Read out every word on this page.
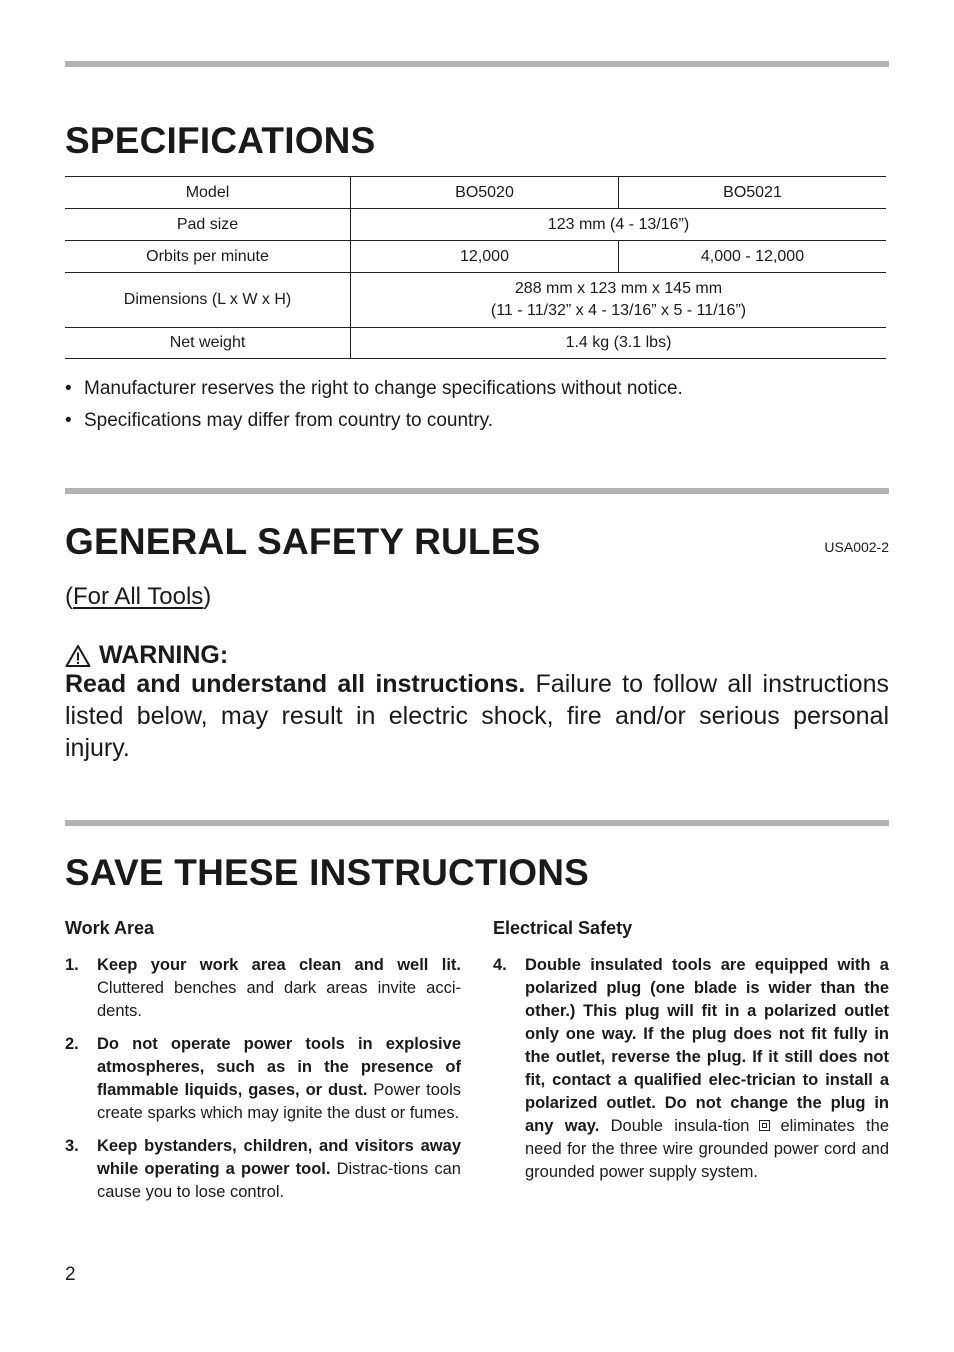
SPECIFICATIONS
Model	BO5020	BO5021
Pad size	123 mm (4 - 13/16”)	
Orbits per minute	12,000	4,000 - 12,000
Dimensions (L x W x H)	288 mm x 123 mm x 145 mm
(11 - 11/32” x 4 - 13/16” x 5 - 11/16”)	

Net weight	1.4 kg (3.1 lbs)	
• Manufacturer reserves the right to change specifications without notice.
• Specifications may differ from country to country.
GENERAL SAFETY RULES	USA002-2
(For All Tools)
WARNING:

Read and understand all instructions. Failure to follow all instructions listed below, may result in electric shock, fire and/or serious personal injury.

SAVE THESE INSTRUCTIONS
Work Area
1.	Keep your work area clean and well lit. Cluttered benches and dark areas invite acci-dents.
2.	Do not operate power tools in explosive atmospheres, such as in the presence of flammable liquids, gases, or dust. Power tools create sparks which may ignite the dust or fumes.
3.	Keep bystanders, children, and visitors away while operating a power tool. Distrac-tions can cause you to lose control.
Electrical Safety
4.	Double insulated tools are equipped with a polarized plug (one blade is wider than the other.) This plug will fit in a polarized outlet only one way. If the plug does not fit fully in the outlet, reverse the plug. If it still does not fit, contact a qualified elec-trician to install a polarized outlet. Do not change the plug in any way. Double insula-tion eliminates the need for the three wire grounded power cord and grounded power supply system.
2
